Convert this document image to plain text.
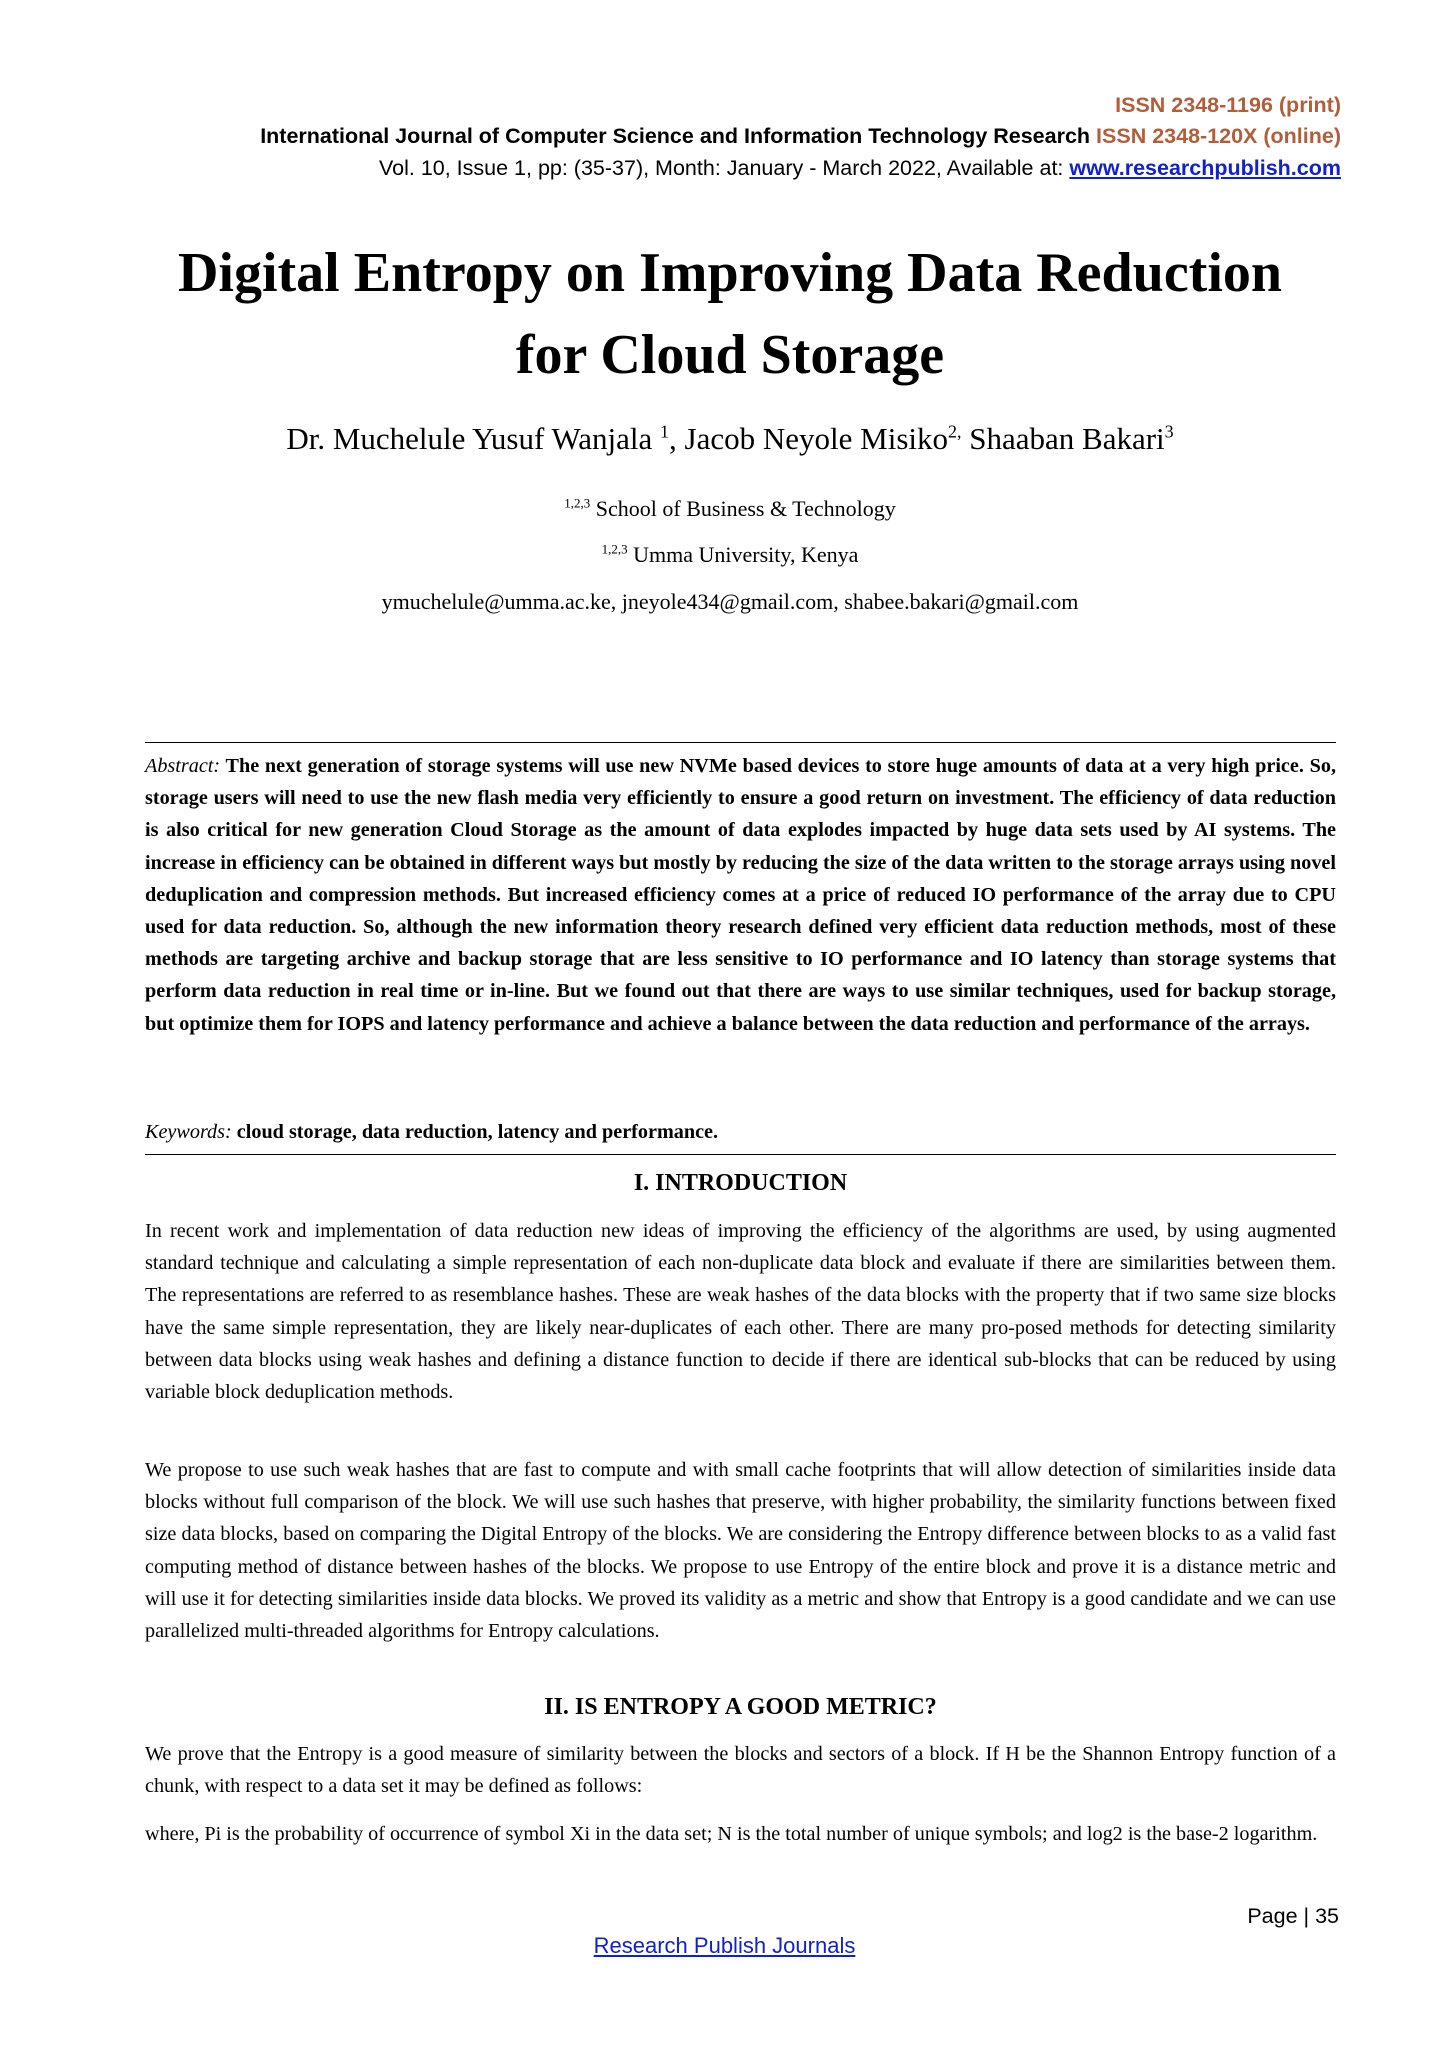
ISSN 2348-1196 (print)
International Journal of Computer Science and Information Technology Research ISSN 2348-120X (online)
Vol. 10, Issue 1, pp: (35-37), Month: January - March 2022, Available at: www.researchpublish.com
Digital Entropy on Improving Data Reduction
for Cloud Storage
Dr. Muchelule Yusuf Wanjala $^1$, Jacob Neyole Misiko$^{2,}$ Shaaban Bakari$^3$
$^{1,2,3}$ School of Business & Technology
$^{1,2,3}$ Umma University, Kenya
ymuchelule@umma.ac.ke, jneyole434@gmail.com, shabee.bakari@gmail.com
Abstract: The next generation of storage systems will use new NVMe based devices to store huge amounts of data at a very high price. So, storage users will need to use the new flash media very efficiently to ensure a good return on investment. The efficiency of data reduction is also critical for new generation Cloud Storage as the amount of data explodes impacted by huge data sets used by AI systems. The increase in efficiency can be obtained in different ways but mostly by reducing the size of the data written to the storage arrays using novel deduplication and compression methods. But increased efficiency comes at a price of reduced IO performance of the array due to CPU used for data reduction. So, although the new information theory research defined very efficient data reduction methods, most of these methods are targeting archive and backup storage that are less sensitive to IO performance and IO latency than storage systems that perform data reduction in real time or in-line. But we found out that there are ways to use similar techniques, used for backup storage, but optimize them for IOPS and latency performance and achieve a balance between the data reduction and performance of the arrays.
Keywords: cloud storage, data reduction, latency and performance.
I. INTRODUCTION

In recent work and implementation of data reduction new ideas of improving the efficiency of the algorithms are used, by using augmented standard technique and calculating a simple representation of each non-duplicate data block and evaluate if there are similarities between them. The representations are referred to as resemblance hashes. These are weak hashes of the data blocks with the property that if two same size blocks have the same simple representation, they are likely near-duplicates of each other. There are many pro-posed methods for detecting similarity between data blocks using weak hashes and defining a distance function to decide if there are identical sub-blocks that can be reduced by using variable block deduplication methods.

We propose to use such weak hashes that are fast to compute and with small cache footprints that will allow detection of similarities inside data blocks without full comparison of the block. We will use such hashes that preserve, with higher probability, the similarity functions between fixed size data blocks, based on comparing the Digital Entropy of the blocks. We are considering the Entropy difference between blocks to as a valid fast computing method of distance between hashes of the blocks. We propose to use Entropy of the entire block and prove it is a distance metric and will use it for detecting similarities inside data blocks. We proved its validity as a metric and show that Entropy is a good candidate and we can use parallelized multi-threaded algorithms for Entropy calculations.

II. IS ENTROPY A GOOD METRIC?

We prove that the Entropy is a good measure of similarity between the blocks and sectors of a block. If H be the Shannon Entropy function of a chunk, with respect to a data set it may be defined as follows:

where, Pi is the probability of occurrence of symbol Xi in the data set; N is the total number of unique symbols; and log2 is the base-2 logarithm.

Page | 35
Research Publish Journals
